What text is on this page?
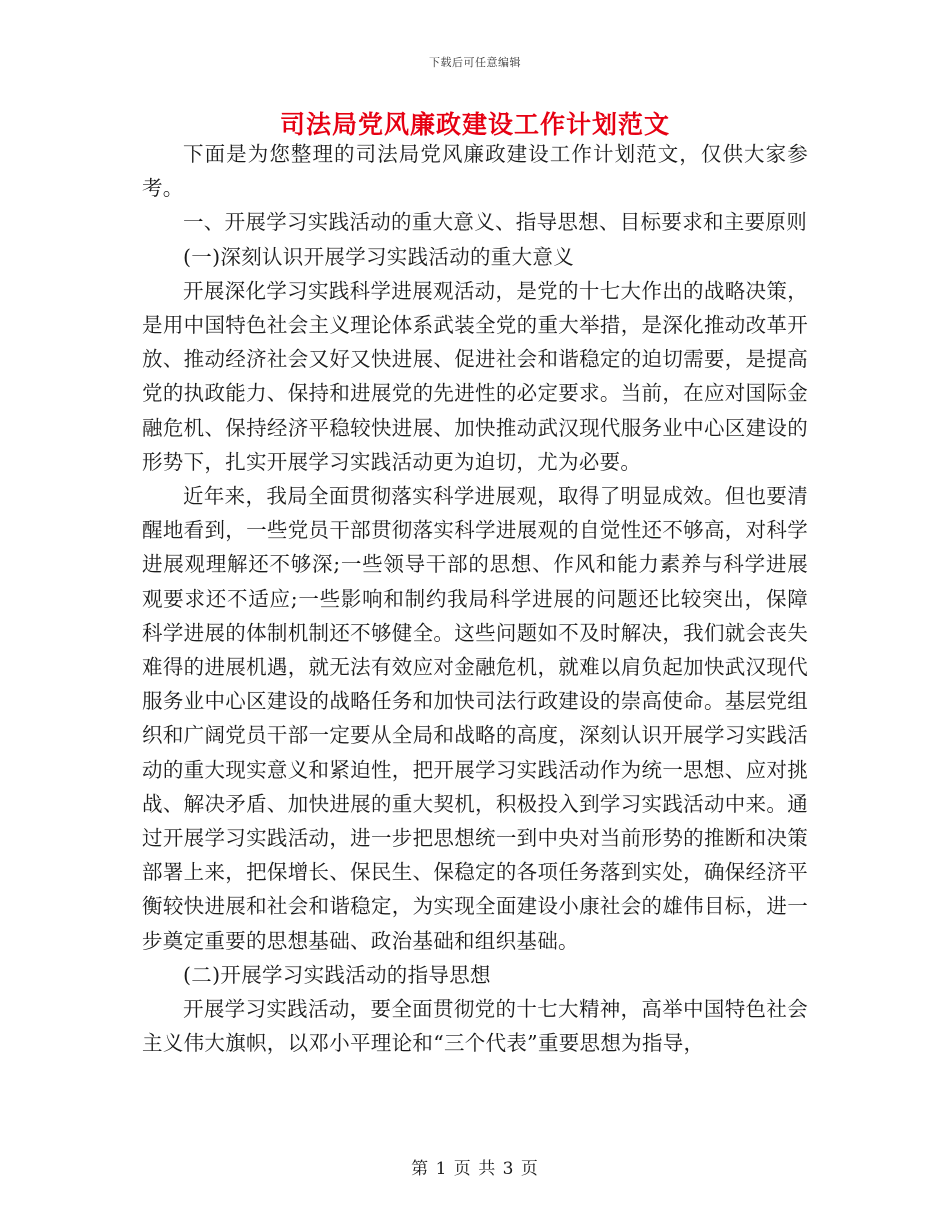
下载后可任意编辑
司法局党风廉政建设工作计划范文

下面是为您整理的司法局党风廉政建设工作计划范文，仅供大家参考。

一、开展学习实践活动的重大意义、指导思想、目标要求和主要原则

(一)深刻认识开展学习实践活动的重大意义

开展深化学习实践科学进展观活动，是党的十七大作出的战略决策，是用中国特色社会主义理论体系武装全党的重大举措，是深化推动改革开放、推动经济社会又好又快进展、促进社会和谐稳定的迫切需要，是提高党的执政能力、保持和进展党的先进性的必定要求。当前，在应对国际金融危机、保持经济平稳较快进展、加快推动武汉现代服务业中心区建设的形势下，扎实开展学习实践活动更为迫切，尤为必要。

近年来，我局全面贯彻落实科学进展观，取得了明显成效。但也要清醒地看到，一些党员干部贯彻落实科学进展观的自觉性还不够高，对科学进展观理解还不够深;一些领导干部的思想、作风和能力素养与科学进展观要求还不适应;一些影响和制约我局科学进展的问题还比较突出，保障科学进展的体制机制还不够健全。这些问题如不及时解决，我们就会丧失难得的进展机遇，就无法有效应对金融危机，就难以肩负起加快武汉现代服务业中心区建设的战略任务和加快司法行政建设的崇高使命。基层党组织和广阔党员干部一定要从全局和战略的高度，深刻认识开展学习实践活动的重大现实意义和紧迫性，把开展学习实践活动作为统一思想、应对挑战、解决矛盾、加快进展的重大契机，积极投入到学习实践活动中来。通过开展学习实践活动，进一步把思想统一到中央对当前形势的推断和决策部署上来，把保增长、保民生、保稳定的各项任务落到实处，确保经济平衡较快进展和社会和谐稳定，为实现全面建设小康社会的雄伟目标，进一步奠定重要的思想基础、政治基础和组织基础。

(二)开展学习实践活动的指导思想

开展学习实践活动，要全面贯彻党的十七大精神，高举中国特色社会主义伟大旗帜，以邓小平理论和“三个代表”重要思想为指导，

第 1 页 共 3 页
